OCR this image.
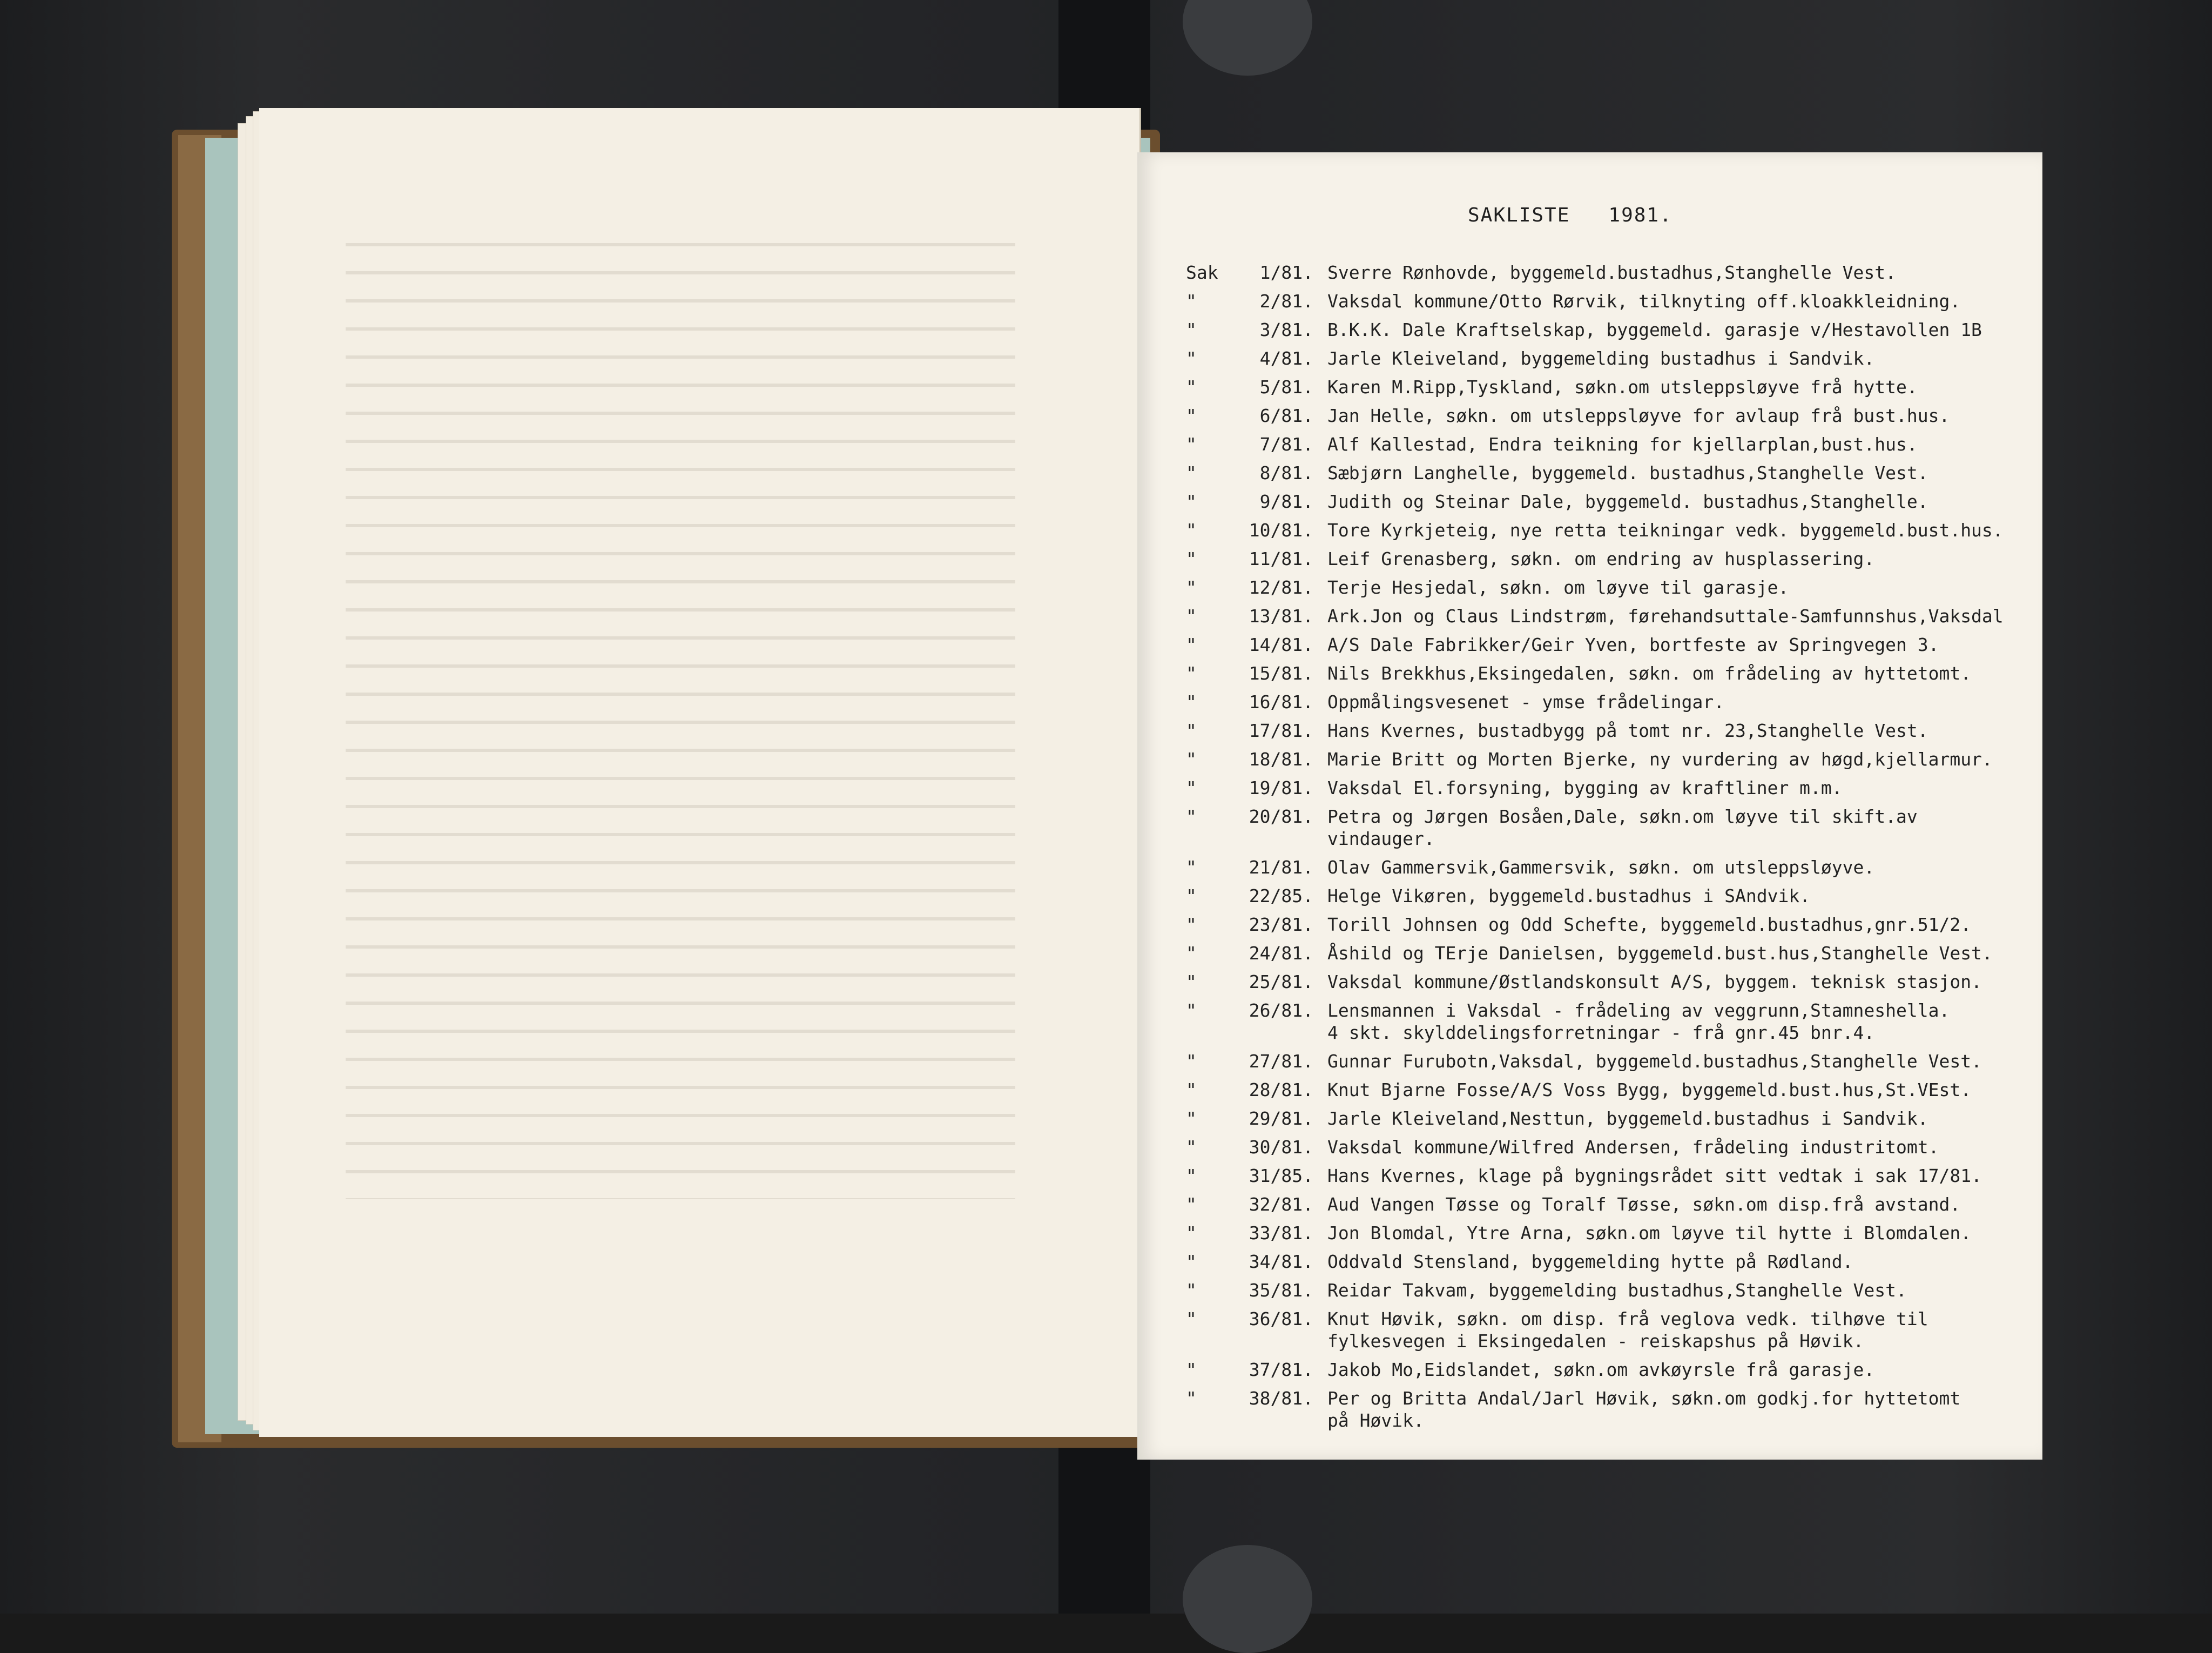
SAKLISTE   1981.
Sak	1/81. Sverre Rønhovde, byggemeld.bustadhus,Stanghelle Vest.
"	2/81. Vaksdal kommune/Otto Rørvik, tilknyting off.kloakkleidning.
"	3/81. B.K.K. Dale Kraftselskap, byggemeld. garasje v/Hestavollen 1B
"	4/81. Jarle Kleiveland, byggemelding bustadhus i Sandvik.
"	5/81. Karen M.Ripp,Tyskland, søkn.om utsleppsløyve frå hytte.
"	6/81. Jan Helle, søkn. om utsleppsløyve for avlaup frå bust.hus.
"	7/81. Alf Kallestad, Endra teikning for kjellarplan,bust.hus.
"	8/81. Sæbjørn Langhelle, byggemeld. bustadhus,Stanghelle Vest.
"	9/81. Judith og Steinar Dale, byggemeld. bustadhus,Stanghelle.
"	10/81. Tore Kyrkjeteig, nye retta teikningar vedk. byggemeld.bust.hus.
"	11/81. Leif Grenasberg, søkn. om endring av husplassering.
"	12/81. Terje Hesjedal, søkn. om løyve til garasje.
"	13/81. Ark.Jon og Claus Lindstrøm, førehandsuttale-Samfunnshus,Vaksdal
"	14/81. A/S Dale Fabrikker/Geir Yven, bortfeste av Springvegen 3.
"	15/81. Nils Brekkhus,Eksingedalen, søkn. om frådeling av hyttetomt.
"	16/81. Oppmålingsvesenet - ymse frådelingar.
"	17/81. Hans Kvernes, bustadbygg på tomt nr. 23,Stanghelle Vest.
"	18/81. Marie Britt og Morten Bjerke, ny vurdering av høgd,kjellarmur.
"	19/81. Vaksdal El.forsyning, bygging av kraftliner m.m.
"	20/81. Petra og Jørgen Bosåen,Dale, søkn.om løyve til skift.av
vindauger.
"	21/81. Olav Gammersvik,Gammersvik, søkn. om utsleppsløyve.
"	22/85. Helge Vikøren, byggemeld.bustadhus i SAndvik.
"	23/81. Torill Johnsen og Odd Schefte, byggemeld.bustadhus,gnr.51/2.
"	24/81. Åshild og TErje Danielsen, byggemeld.bust.hus,Stanghelle Vest.
"	25/81. Vaksdal kommune/Østlandskonsult A/S, byggem. teknisk stasjon.
"	26/81. Lensmannen i Vaksdal - frådeling av veggrunn,Stamneshella.
4 skt. skylddelingsforretningar - frå gnr.45 bnr.4.
"	27/81. Gunnar Furubotn,Vaksdal, byggemeld.bustadhus,Stanghelle Vest.
"	28/81. Knut Bjarne Fosse/A/S Voss Bygg, byggemeld.bust.hus,St.VEst.
"	29/81. Jarle Kleiveland,Nesttun, byggemeld.bustadhus i Sandvik.
"	30/81. Vaksdal kommune/Wilfred Andersen, frådeling industritomt.
"	31/85. Hans Kvernes, klage på bygningsrådet sitt vedtak i sak 17/81.
"	32/81. Aud Vangen Tøsse og Toralf Tøsse, søkn.om disp.frå avstand.
"	33/81. Jon Blomdal, Ytre Arna, søkn.om løyve til hytte i Blomdalen.
"	34/81. Oddvald Stensland, byggemelding hytte på Rødland.
"	35/81. Reidar Takvam, byggemelding bustadhus,Stanghelle Vest.
"	36/81. Knut Høvik, søkn. om disp. frå veglova vedk. tilhøve til
fylkesvegen i Eksingedalen - reiskapshus på Høvik.
"	37/81. Jakob Mo,Eidslandet, søkn.om avkøyrsle frå garasje.
"	38/81. Per og Britta Andal/Jarl Høvik, søkn.om godkj.for hyttetomt
på Høvik.
